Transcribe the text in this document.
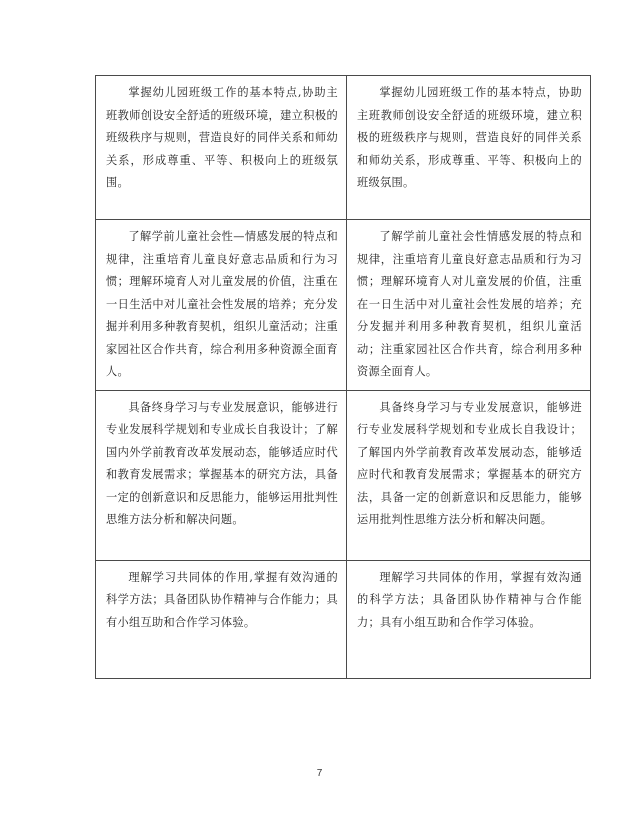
掌握幼儿园班级工作的基本特点,协助主班教师创设安全舒适的班级环境，建立积极的班级秩序与规则，营造良好的同伴关系和师幼关系，形成尊重、平等、积极向上的班级氛围。	掌握幼儿园班级工作的基本特点，协助主班教师创设安全舒适的班级环境，建立积极的班级秩序与规则，营造良好的同伴关系和师幼关系，形成尊重、平等、积极向上的班级氛围。
了解学前儿童社会性—情感发展的特点和规律，注重培育儿童良好意志品质和行为习惯；理解环境育人对儿童发展的价值，注重在一日生活中对儿童社会性发展的培养；充分发掘并利用多种教育契机，组织儿童活动；注重家园社区合作共育，综合利用多种资源全面育人。	了解学前儿童社会性情感发展的特点和规律，注重培育儿童良好意志品质和行为习惯；理解环境育人对儿童发展的价值，注重在一日生活中对儿童社会性发展的培养；充分发掘并利用多种教育契机，组织儿童活动；注重家园社区合作共育，综合利用多种资源全面育人。
具备终身学习与专业发展意识，能够进行专业发展科学规划和专业成长自我设计；了解国内外学前教育改革发展动态，能够适应时代和教育发展需求；掌握基本的研究方法，具备一定的创新意识和反思能力，能够运用批判性思维方法分析和解决问题。	具备终身学习与专业发展意识，能够进行专业发展科学规划和专业成长自我设计；了解国内外学前教育改革发展动态，能够适应时代和教育发展需求；掌握基本的研究方法，具备一定的创新意识和反思能力，能够运用批判性思维方法分析和解决问题。
理解学习共同体的作用,掌握有效沟通的科学方法；具备团队协作精神与合作能力；具有小组互助和合作学习体验。	理解学习共同体的作用，掌握有效沟通的科学方法；具备团队协作精神与合作能力；具有小组互助和合作学习体验。
7
